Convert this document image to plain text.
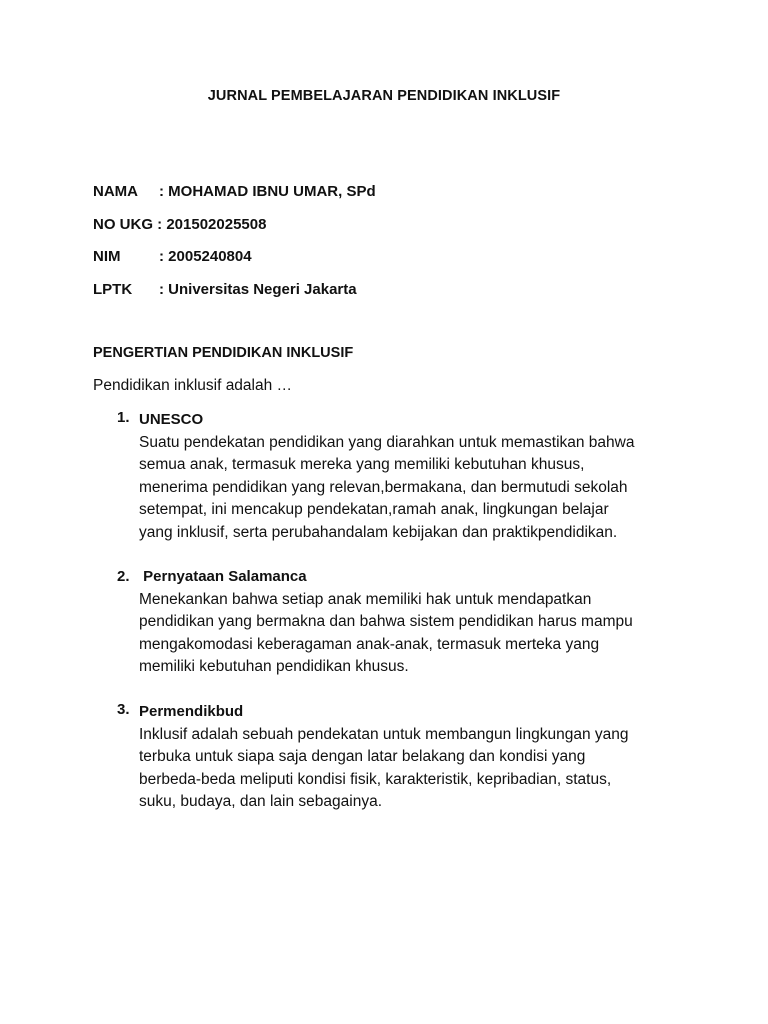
JURNAL PEMBELAJARAN PENDIDIKAN INKLUSIF
NAMA	: MOHAMAD IBNU UMAR, SPd
NO UKG : 201502025508
NIM	: 2005240804
LPTK	: Universitas Negeri Jakarta
PENGERTIAN PENDIDIKAN INKLUSIF
Pendidikan inklusif adalah …
1. UNESCO
Suatu pendekatan pendidikan yang diarahkan untuk memastikan bahwa
semua anak, termasuk mereka yang memiliki kebutuhan khusus,
menerima pendidikan yang relevan,bermakana, dan bermutudi sekolah
setempat, ini mencakup pendekatan,ramah anak, lingkungan belajar
yang inklusif, serta perubahandalam kebijakan dan praktikpendidikan.
2. Pernyataan Salamanca
Menekankan bahwa setiap anak memiliki hak untuk mendapatkan
pendidikan yang bermakna dan bahwa sistem pendidikan harus mampu
mengakomodasi keberagaman anak-anak, termasuk merteka yang
memiliki kebutuhan pendidikan khusus.
3. Permendikbud
Inklusif adalah sebuah pendekatan untuk membangun lingkungan yang
terbuka untuk siapa saja dengan latar belakang dan kondisi yang
berbeda-beda meliputi kondisi fisik, karakteristik, kepribadian, status,
suku, budaya, dan lain sebagainya.
